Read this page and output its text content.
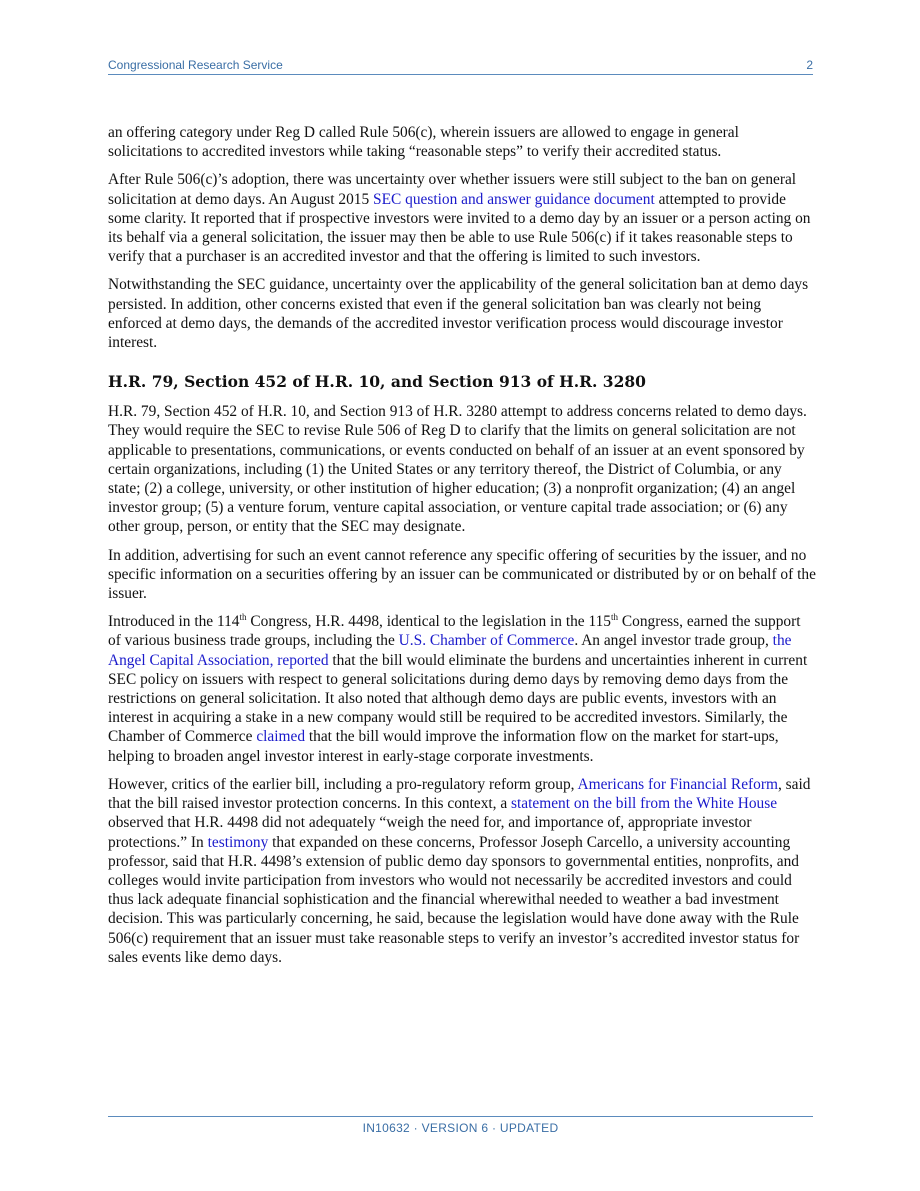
Congressional Research Service	2

an offering category under Reg D called Rule 506(c), wherein issuers are allowed to engage in general solicitations to accredited investors while taking “reasonable steps” to verify their accredited status.

After Rule 506(c)’s adoption, there was uncertainty over whether issuers were still subject to the ban on general solicitation at demo days. An August 2015 SEC question and answer guidance document attempted to provide some clarity. It reported that if prospective investors were invited to a demo day by an issuer or a person acting on its behalf via a general solicitation, the issuer may then be able to use Rule 506(c) if it takes reasonable steps to verify that a purchaser is an accredited investor and that the offering is limited to such investors.

Notwithstanding the SEC guidance, uncertainty over the applicability of the general solicitation ban at demo days persisted. In addition, other concerns existed that even if the general solicitation ban was clearly not being enforced at demo days, the demands of the accredited investor verification process would discourage investor interest.

H.R. 79, Section 452 of H.R. 10, and Section 913 of H.R. 3280

H.R. 79, Section 452 of H.R. 10, and Section 913 of H.R. 3280 attempt to address concerns related to demo days. They would require the SEC to revise Rule 506 of Reg D to clarify that the limits on general solicitation are not applicable to presentations, communications, or events conducted on behalf of an issuer at an event sponsored by certain organizations, including (1) the United States or any territory thereof, the District of Columbia, or any state; (2) a college, university, or other institution of higher education; (3) a nonprofit organization; (4) an angel investor group; (5) a venture forum, venture capital association, or venture capital trade association; or (6) any other group, person, or entity that the SEC may designate.

In addition, advertising for such an event cannot reference any specific offering of securities by the issuer, and no specific information on a securities offering by an issuer can be communicated or distributed by or on behalf of the issuer.

Introduced in the 114th Congress, H.R. 4498, identical to the legislation in the 115th Congress, earned the support of various business trade groups, including the U.S. Chamber of Commerce. An angel investor trade group, the Angel Capital Association, reported that the bill would eliminate the burdens and uncertainties inherent in current SEC policy on issuers with respect to general solicitations during demo days by removing demo days from the restrictions on general solicitation. It also noted that although demo days are public events, investors with an interest in acquiring a stake in a new company would still be required to be accredited investors. Similarly, the Chamber of Commerce claimed that the bill would improve the information flow on the market for start-ups, helping to broaden angel investor interest in early-stage corporate investments.

However, critics of the earlier bill, including a pro-regulatory reform group, Americans for Financial Reform, said that the bill raised investor protection concerns. In this context, a statement on the bill from the White House observed that H.R. 4498 did not adequately “weigh the need for, and importance of, appropriate investor protections.” In testimony that expanded on these concerns, Professor Joseph Carcello, a university accounting professor, said that H.R. 4498’s extension of public demo day sponsors to governmental entities, nonprofits, and colleges would invite participation from investors who would not necessarily be accredited investors and could thus lack adequate financial sophistication and the financial wherewithal needed to weather a bad investment decision. This was particularly concerning, he said, because the legislation would have done away with the Rule 506(c) requirement that an issuer must take reasonable steps to verify an investor’s accredited investor status for sales events like demo days.

IN10632 · VERSION 6 · UPDATED
